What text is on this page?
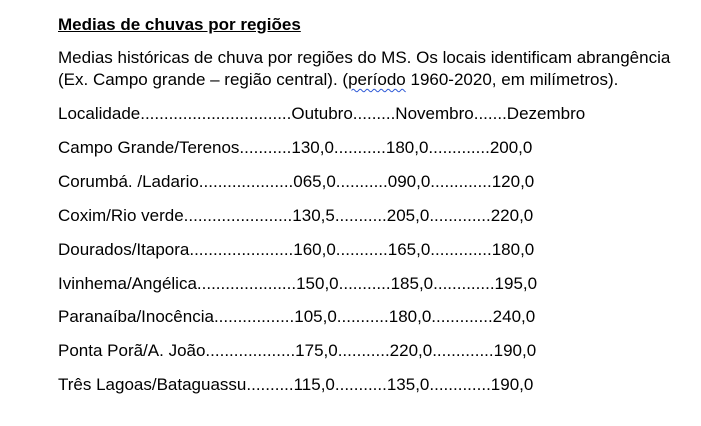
Medias de chuvas por regiões
Medias históricas de chuva por regiões do MS. Os locais identificam abrangência
(Ex. Campo grande – região central). (período 1960-2020, em milímetros).
Localidade................................Outubro.........Novembro.......Dezembro
Campo Grande/Terenos...........130,0...........180,0.............200,0
Corumbá. /Ladario....................065,0...........090,0.............120,0
Coxim/Rio verde.......................130,5...........205,0.............220,0
Dourados/Itapora......................160,0...........165,0.............180,0
Ivinhema/Angélica.....................150,0...........185,0.............195,0
Paranaíba/Inocência.................105,0...........180,0.............240,0
Ponta Porã/A. João...................175,0...........220,0.............190,0
Três Lagoas/Bataguassu..........115,0...........135,0.............190,0
